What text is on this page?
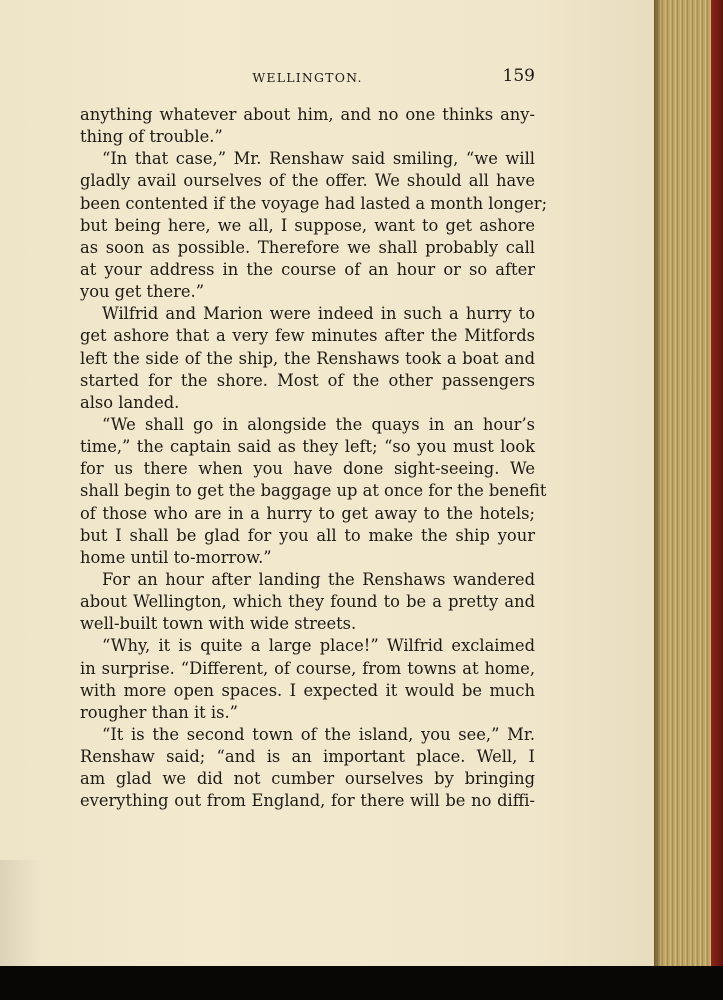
WELLINGTON.	159
anything whatever about him, and no one thinks any-
thing of trouble.”
“In that case,” Mr. Renshaw said smiling, “we will
gladly avail ourselves of the offer. We should all have
been contented if the voyage had lasted a month longer;
but being here, we all, I suppose, want to get ashore
as soon as possible. Therefore we shall probably call
at your address in the course of an hour or so after
you get there.”
Wilfrid and Marion were indeed in such a hurry to
get ashore that a very few minutes after the Mitfords
left the side of the ship, the Renshaws took a boat and
started for the shore. Most of the other passengers
also landed.
“We shall go in alongside the quays in an hour’s
time,” the captain said as they left; “so you must look
for us there when you have done sight-seeing. We
shall begin to get the baggage up at once for the benefit
of those who are in a hurry to get away to the hotels;
but I shall be glad for you all to make the ship your
home until to-morrow.”
For an hour after landing the Renshaws wandered
about Wellington, which they found to be a pretty and
well-built town with wide streets.
“Why, it is quite a large place!” Wilfrid exclaimed
in surprise. “Different, of course, from towns at home,
with more open spaces. I expected it would be much
rougher than it is.”
“It is the second town of the island, you see,” Mr.
Renshaw said; “and is an important place. Well, I
am glad we did not cumber ourselves by bringing
everything out from England, for there will be no diffi-
